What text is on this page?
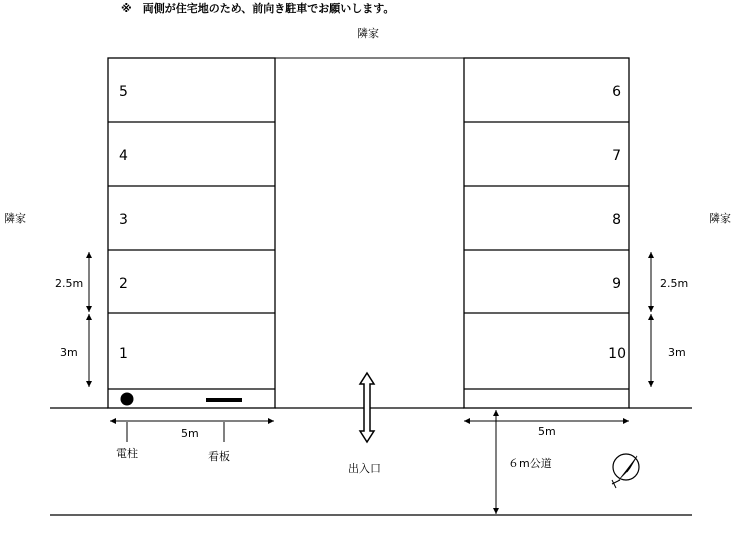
※　両側が住宅地のため、前向き駐車でお願いします。
隣家
隣家	隣家
5
4
3
2
1
6
7
8
9
10
電柱	看板
5m	5m
2.5m
3m
2.5m
3m
出入口	６m公道
